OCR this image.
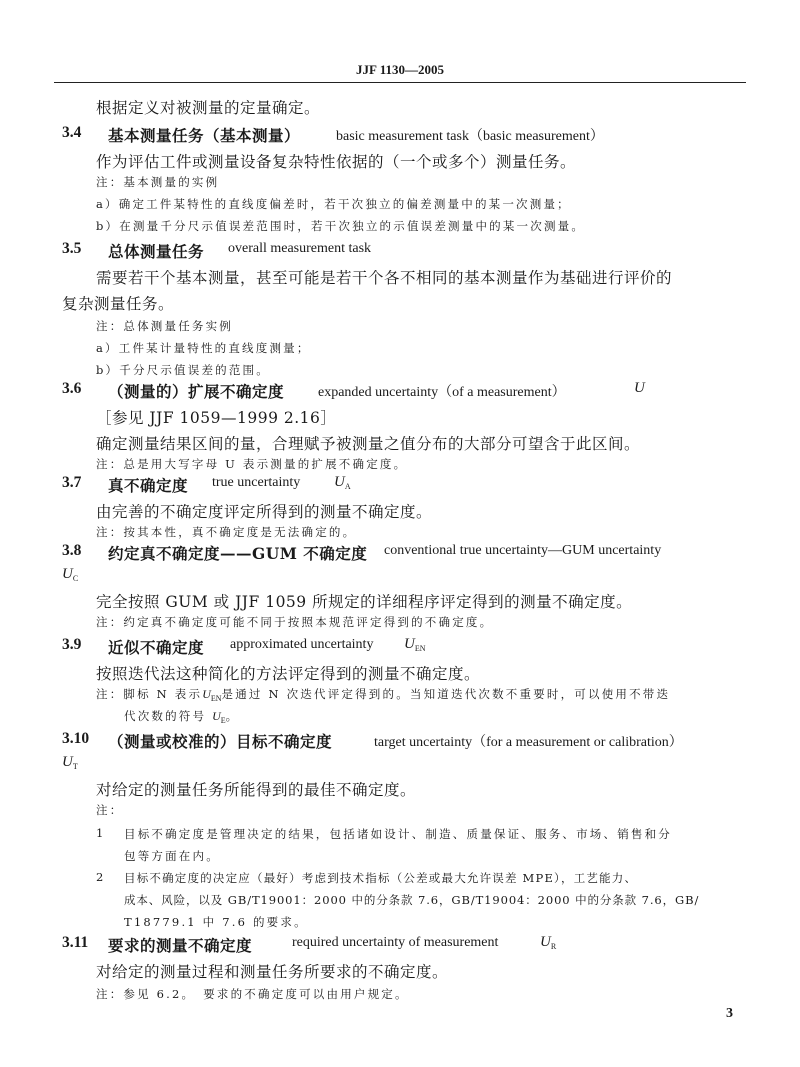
JJF 1130—2005
根据定义对被测量的定量确定。
3.4 基本测量任务（基本测量）	basic measurement task（basic measurement）
作为评估工件或测量设备复杂特性依据的（一个或多个）测量任务。
注：基本测量的实例
a）确定工件某特性的直线度偏差时，若干次独立的偏差测量中的某一次测量；
b）在测量千分尺示值误差范围时，若干次独立的示值误差测量中的某一次测量。
3.5 总体测量任务 overall measurement task
需要若干个基本测量，甚至可能是若干个各不相同的基本测量作为基础进行评价的
复杂测量任务。
注：总体测量任务实例
a）工件某计量特性的直线度测量；
b）千分尺示值误差的范围。
3.6 （测量的）扩展不确定度 expanded uncertainty（of a measurement）	U
［参见 JJF 1059—1999 2.16］
确定测量结果区间的量，合理赋予被测量之值分布的大部分可望含于此区间。
注：总是用大写字母 U 表示测量的扩展不确定度。
3.7 真不确定度 true uncertainty $U_A$
由完善的不确定度评定所得到的测量不确定度。
注：按其本性，真不确定度是无法确定的。
3.8 约定真不确定度——GUM 不确定度 conventional true uncertainty—GUM uncertainty
$U_C$
完全按照 GUM 或 JJF 1059 所规定的详细程序评定得到的测量不确定度。
注：约定真不确定度可能不同于按照本规范评定得到的不确定度。
3.9 近似不确定度 approximated uncertainty $U_{EN}$
按照迭代法这种简化的方法评定得到的测量不确定度。
注：脚标 N 表示$U_{EN}$是通过 N 次迭代评定得到的。当知道迭代次数不重要时，可以使用不带迭
代次数的符号 $U_E$。
3.10 （测量或校准的）目标不确定度	target uncertainty（for a measurement or calibration）
$U_T$
对给定的测量任务所能得到的最佳不确定度。
注：
1 目标不确定度是管理决定的结果，包括诸如设计、制造、质量保证、服务、市场、销售和分
包等方面在内。
2 目标不确定度的决定应（最好）考虑到技术指标（公差或最大允许误差 MPE），工艺能力、
成本、风险，以及 GB/T19001：2000 中的分条款 7.6，GB/T19004：2000 中的分条款 7.6，GB/
T18779.1 中 7.6 的要求。
3.11 要求的测量不确定度	required uncertainty of measurement	$U_R$
对给定的测量过程和测量任务所要求的不确定度。
注：参见 6.2。　要求的不确定度可以由用户规定。
3
